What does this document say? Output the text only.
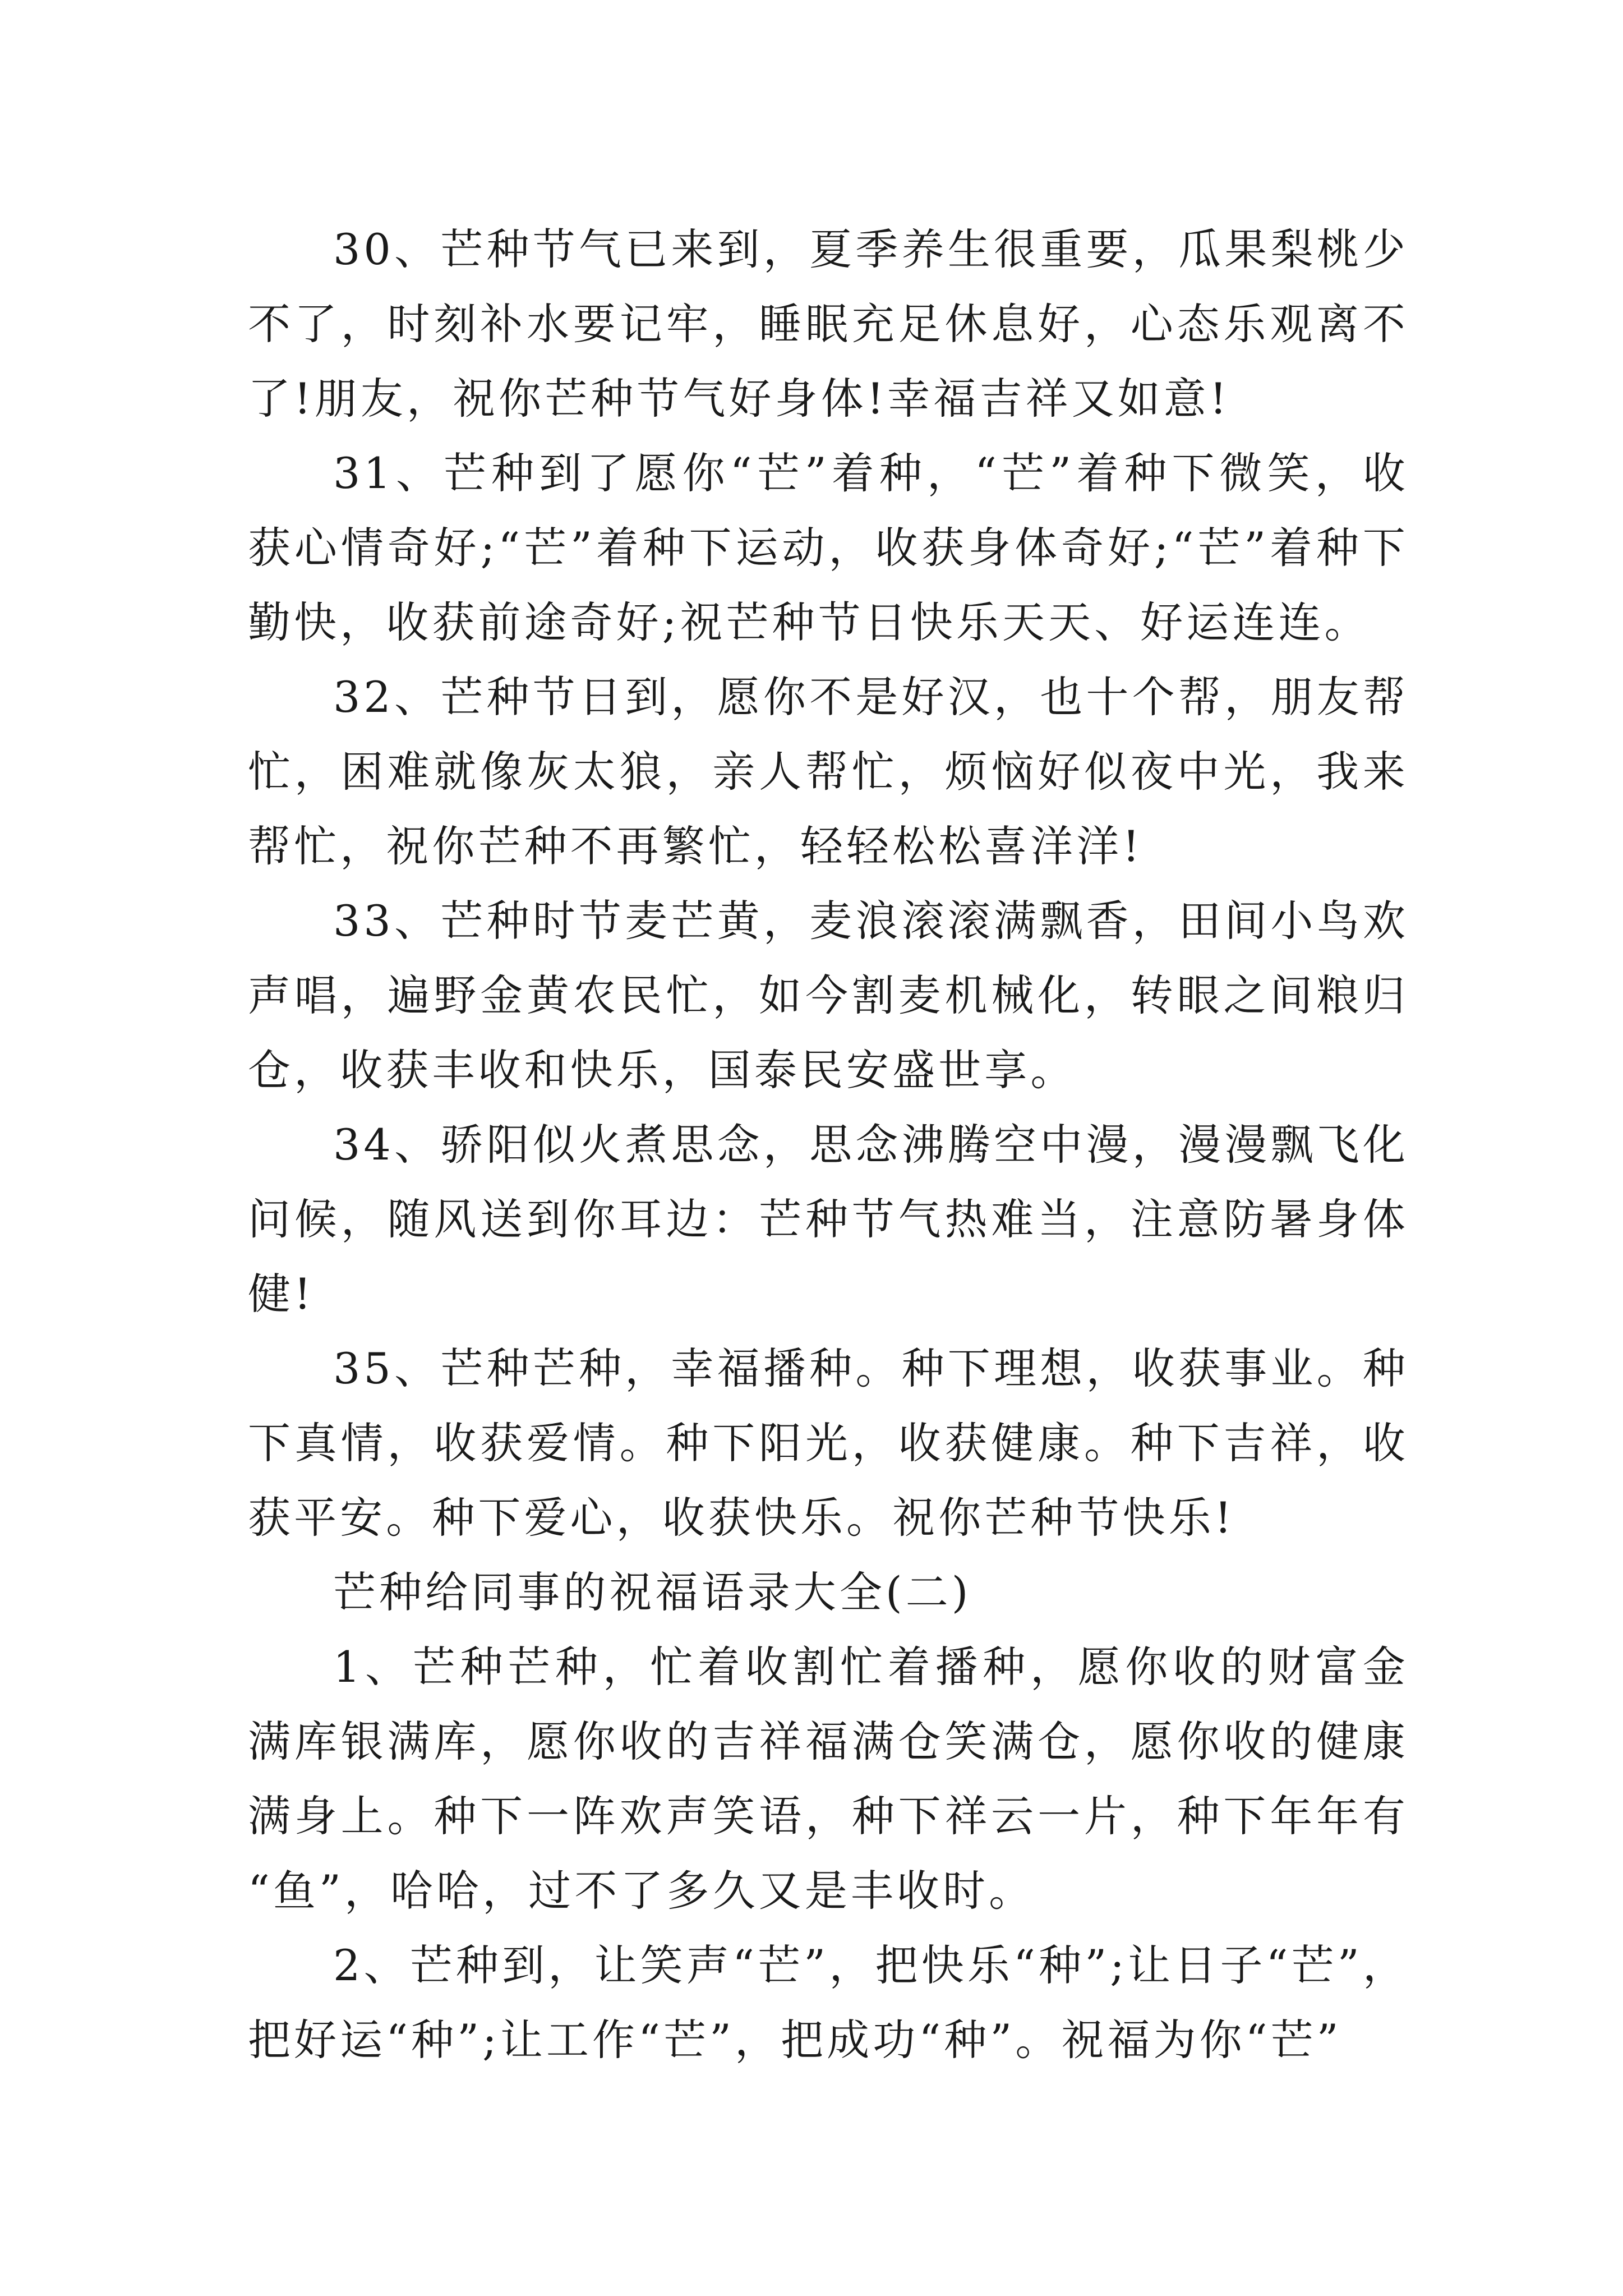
30、芒种节气已来到，夏季养生很重要，瓜果梨桃少不了，时刻补水要记牢，睡眠充足休息好，心态乐观离不了!朋友，祝你芒种节气好身体!幸福吉祥又如意!

31、芒种到了愿你“芒”着种，“芒”着种下微笑，收获心情奇好;“芒”着种下运动，收获身体奇好;“芒”着种下勤快，收获前途奇好;祝芒种节日快乐天天、好运连连。

32、芒种节日到，愿你不是好汉，也十个帮，朋友帮忙，困难就像灰太狼，亲人帮忙，烦恼好似夜中光，我来帮忙，祝你芒种不再繁忙，轻轻松松喜洋洋!

33、芒种时节麦芒黄，麦浪滚滚满飘香，田间小鸟欢声唱，遍野金黄农民忙，如今割麦机械化，转眼之间粮归仓，收获丰收和快乐，国泰民安盛世享。

34、骄阳似火煮思念，思念沸腾空中漫，漫漫飘飞化问候，随风送到你耳边：芒种节气热难当，注意防暑身体健!

35、芒种芒种，幸福播种。种下理想，收获事业。种下真情，收获爱情。种下阳光，收获健康。种下吉祥，收获平安。种下爱心，收获快乐。祝你芒种节快乐!

芒种给同事的祝福语录大全(二)

1、芒种芒种，忙着收割忙着播种，愿你收的财富金满库银满库，愿你收的吉祥福满仓笑满仓，愿你收的健康满身上。种下一阵欢声笑语，种下祥云一片，种下年年有“鱼”，哈哈，过不了多久又是丰收时。

2、芒种到，让笑声“芒”，把快乐“种”;让日子“芒”，把好运“种”;让工作“芒”，把成功“种”。祝福为你“芒”
